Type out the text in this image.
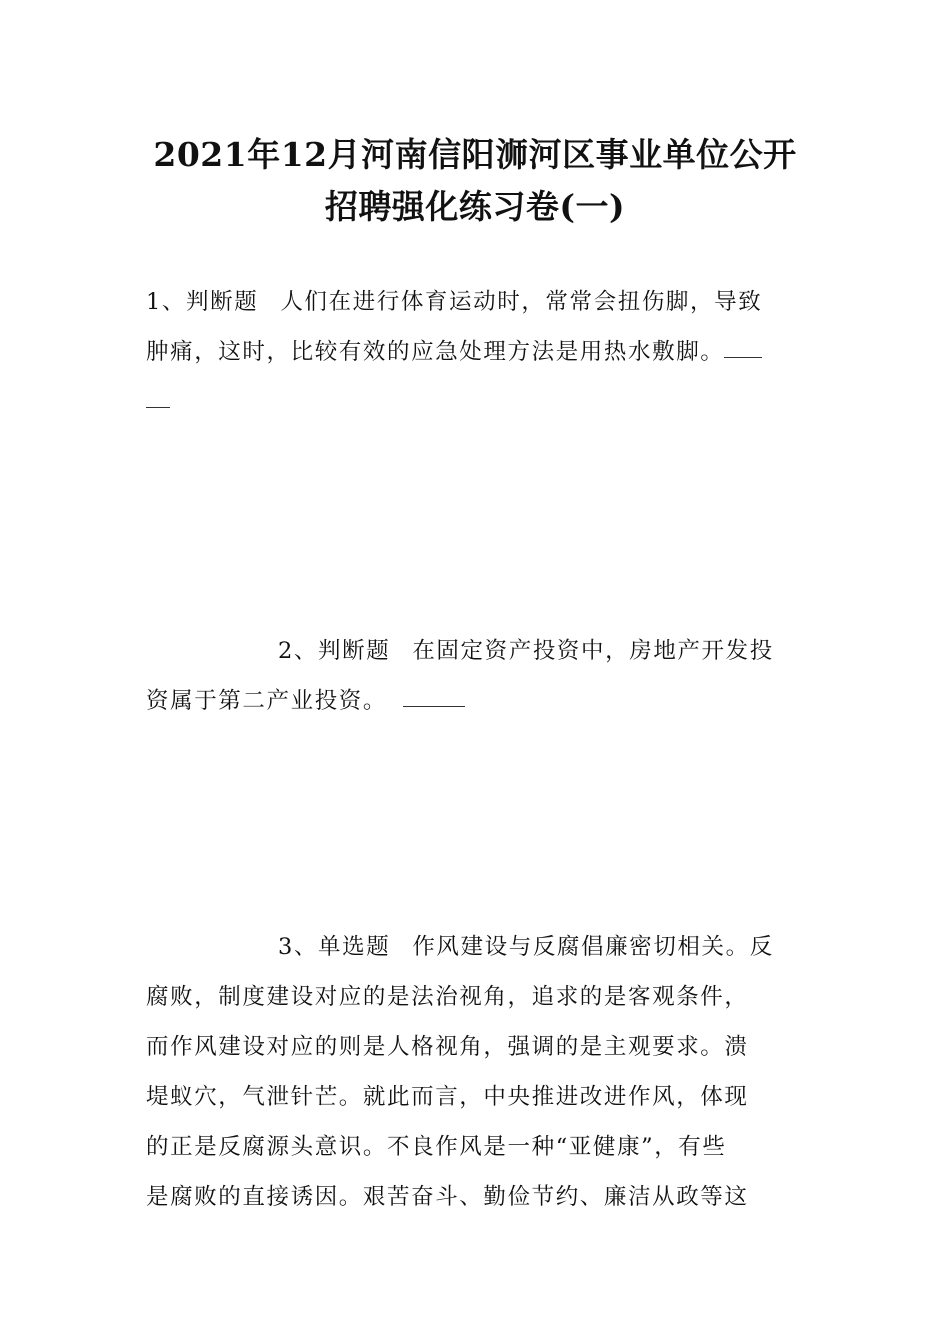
2021年12月河南信阳浉河区事业单位公开
招聘强化练习卷(一)
1、判断题 人们在进行体育运动时，常常会扭伤脚，导致
肿痛，这时，比较有效的应急处理方法是用热水敷脚。
2、判断题 在固定资产投资中，房地产开发投
资属于第二产业投资。
3、单选题 作风建设与反腐倡廉密切相关。反
腐败，制度建设对应的是法治视角，追求的是客观条件，
而作风建设对应的则是人格视角，强调的是主观要求。溃
堤蚁穴，气泄针芒。就此而言，中央推进改进作风，体现
的正是反腐源头意识。不良作风是一种“亚健康”，有些
是腐败的直接诱因。艰苦奋斗、勤俭节约、廉洁从政等这
